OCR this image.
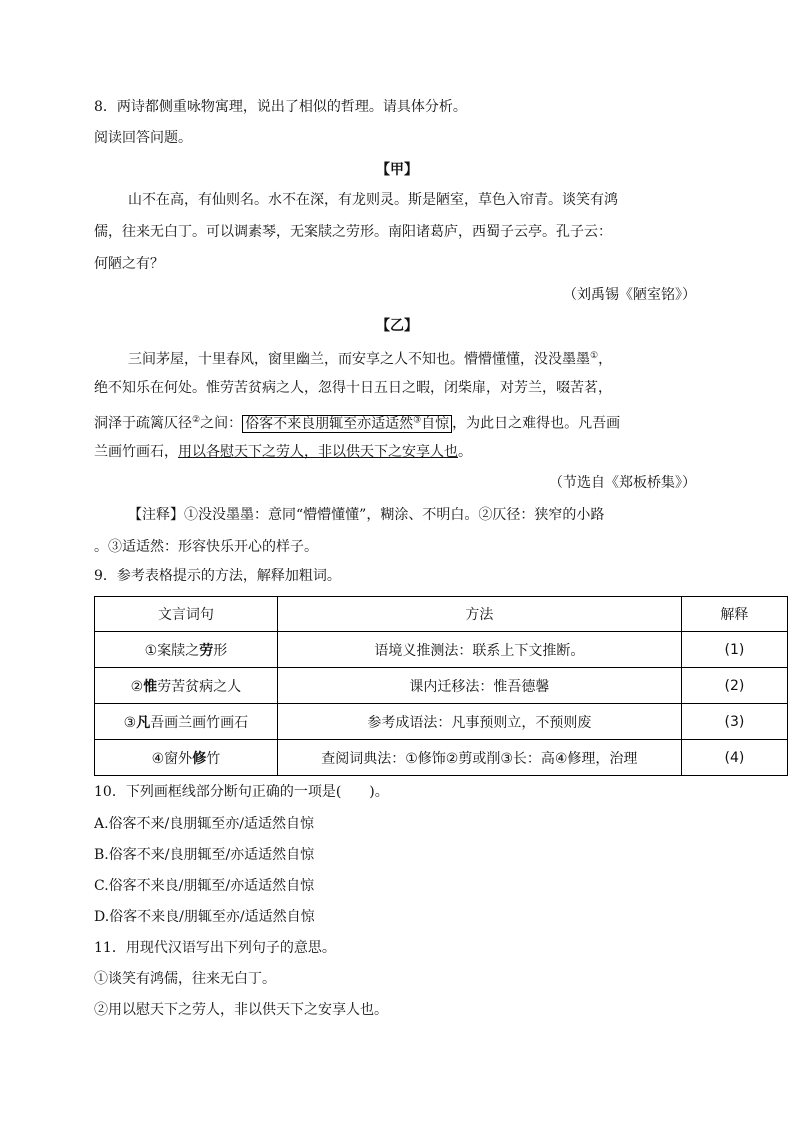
8．两诗都侧重咏物寓理，说出了相似的哲理。请具体分析。
阅读回答问题。
【甲】
山不在高，有仙则名。水不在深，有龙则灵。斯是陋室，草色入帘青。谈笑有鸿
儒，往来无白丁。可以调素琴，无案牍之劳形。南阳诸葛庐，西蜀子云亭。孔子云：
何陋之有？
（刘禹锡《陋室铭》）
【乙】
三间茅屋，十里春风，窗里幽兰，而安享之人不知也。懵懵懂懂，没没墨墨①，
绝不知乐在何处。惟劳苦贫病之人，忽得十日五日之暇，闭柴扉，对芳兰，啜苦茗，
洞泽于疏篱仄径②之间： 俗客不来良朋辄至亦适适然③自惊 ，为此日之难得也。凡吾画
兰画竹画石，用以各慰天下之劳人，非以供天下之安享人也。
（节选自《郑板桥集》）
【注释】①没没墨墨：意同“懵懵懂懂”，糊涂、不明白。②仄径：狭窄的小路
。③适适然：形容快乐开心的样子。
9．参考表格提示的方法，解释加粗词。
文言词句	方法	解释
①案牍之劳形	语境义推测法：联系上下文推断。	(1)
②惟劳苦贫病之人	课内迁移法：惟吾德馨	(2)
③凡吾画兰画竹画石	参考成语法：凡事预则立，不预则废	(3)
④窗外修竹	查阅词典法：①修饰②剪或削③长：高④修理，治理	(4)
10．下列画框线部分断句正确的一项是(　　)。
A.俗客不来/良朋辄至亦/适适然自惊
B.俗客不来/良朋辄至/亦适适然自惊
C.俗客不来良/朋辄至/亦适适然自惊
D.俗客不来良/朋辄至亦/适适然自惊
11．用现代汉语写出下列句子的意思。
①谈笑有鸿儒，往来无白丁。
②用以慰天下之劳人，非以供天下之安享人也。
